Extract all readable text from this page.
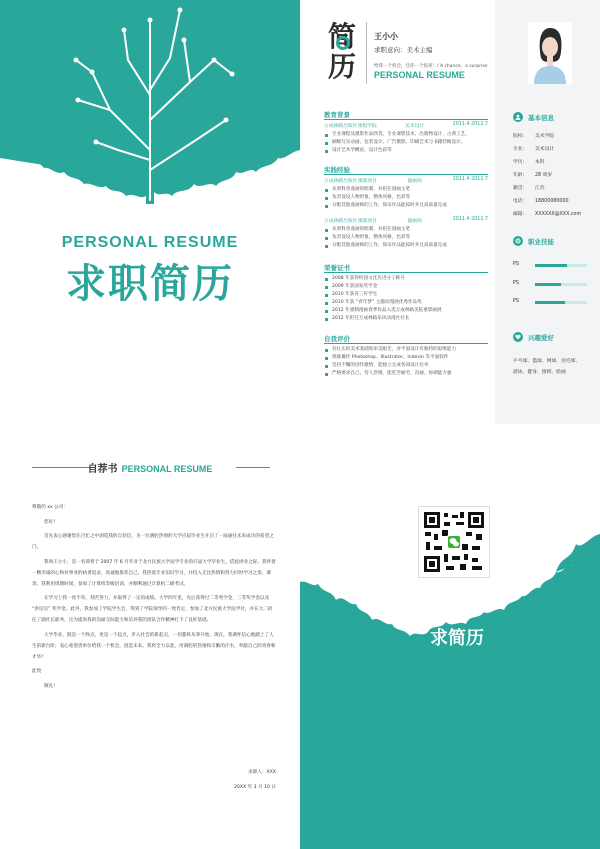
PERSONAL RESUME
求职简历
简
历
王小小
求职意向：美术主编
给我一个机会，还你一个惊喜！/ A chance，a surprise
PERSONAL RESUME
教育背景
万成林路出版社课程学院	美术设计	2011.4-2012.7
专业课程及摄影作品欣赏、专业课影技术、出版物设计、古典工艺、
刷级写实动画、包装设计、广告摄影、印刷艺术与书籍装帧设计、
设计艺术学概论、设计色彩等
实践经验
万成林路出版社课题项目	插画师	2011.4-2012.7
从事科普漫画的绘制，并担任漫画主笔
负责设设人物形象，整体风格，色彩等
分配其他漫画师的工作，保证作品能按时并且高质量完成
万成林路出版社课题项目	插画师	2011.4-2012.7
从事科普漫画的绘制，并担任漫画主笔
负责设设人物形象，整体风格，色彩等
分配其他漫画师的工作，保证作品能按时并且高质量完成
荣誉证书
2008 年获得校园文化先进分子称号
2009 年获国家奖学金
2010 年获省三好学生
2010 年获 “青年梦” 主题动漫展优秀作品奖
2012 年重制漫画春季作品入选万成林路美院重影画展
2012 年担任万成林路乐风动漫社社长
自我评价
有扎实的美术基础和审美眼光，对平面设计有独特的思维能力
熟练操作 Photoshop、Illustrator、Indesin 等平面软件
坚持不懈的创作激情，能独立完成各项设计任务
严格要求自己，待人热情，能吃苦耐劳，沟通、协调能力强
基本信息
院校： 美术学院
专业： 美术设计
学历： 本科
年龄： 28 周岁
籍贯： 江苏
电话： 18800080000
邮箱： XXXXXX@XXX.com
职业技能
PS
PS
PS
兴趣爱好
乒乓球、篮球、网球、羽毛球、
游泳、健身、围棋、绘画
自荐书 PERSONAL RESUME

尊敬的 xx 公司：

您好!

首先衷心感谢您在百忙之中浏览我的自荐信，为一位满腔热情的大学应届毕业生开启了一扇通往未来成功的希望之门。

我叫王小小，是一名即将于 2007 年 6 月毕业于北方民族大学法学专业的应届大学毕业生。借此择业之际，我怀着一颗赤诚的心和对事业的执著追求，真诚地推荐自己。我热爱专业知识学习，并投入无比热情和努力同时学习之余，课余，我利用周期时间，参加了计算机等级培训，并顺利通过计算机二级考试。

在学习上我一丝不苟、刻苦努力，并取得了一定的成绩。大学四年里，先后获得过二等奖学金、三等奖学金以及 “洪培宗” 奖学金。此外，我参加了学院学生会，得到了学院领导的一致肯定，参加了北方民族大学法学社，并在大二担任了副社长职务，这为提高我的沟通交际能力和培养我的团队合作精神打下了良好基础。

大学毕业，既是一个终点，更是一个起点，步入社会的新起点，一切都将从零开始。现在，我满怀信心地踏上了人生的新台阶，衷心希望贵单位给我一个机会，创造未来。我将全力以赴，用满腔的热情和辛勤的汗水，奉献自己的青春和才华!

此致

敬礼!

求职人：XXX
20XX 年 3 月 10 日
求简历
